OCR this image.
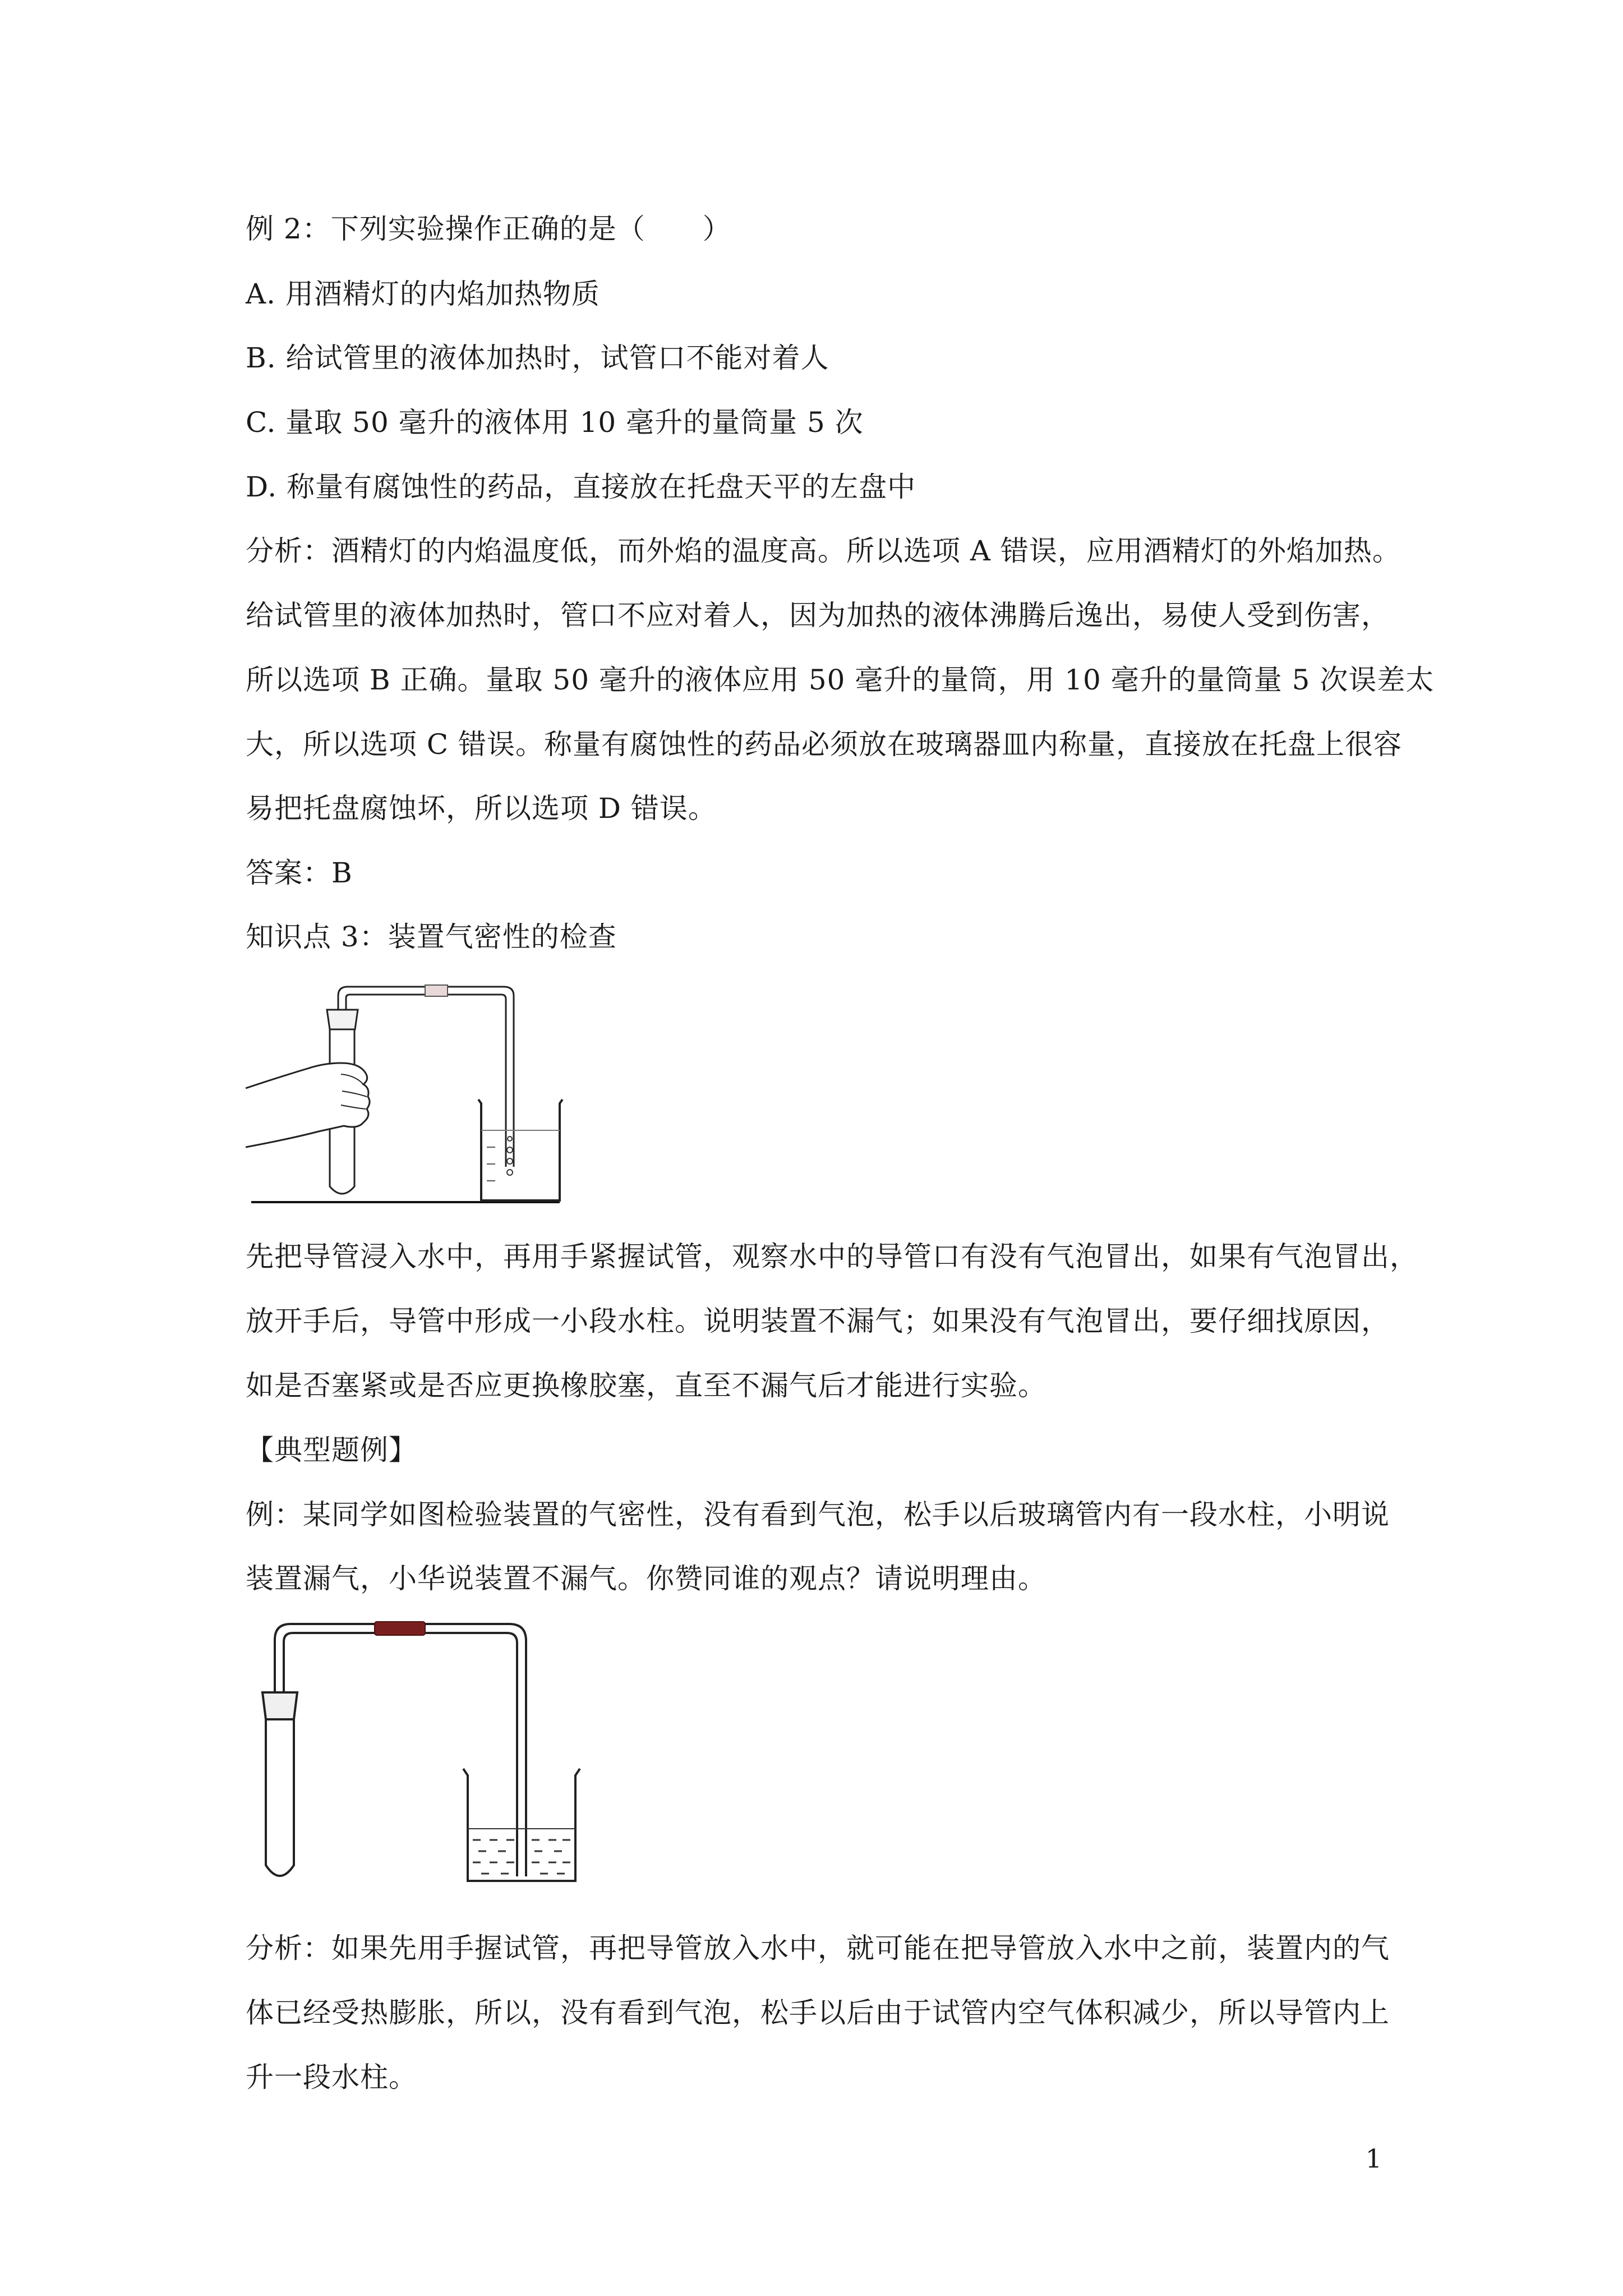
例 2：下列实验操作正确的是（　　）
A. 用酒精灯的内焰加热物质
B. 给试管里的液体加热时，试管口不能对着人
C. 量取 50 毫升的液体用 10 毫升的量筒量 5 次
D. 称量有腐蚀性的药品，直接放在托盘天平的左盘中
分析：酒精灯的内焰温度低，而外焰的温度高。所以选项 A 错误，应用酒精灯的外焰加热。
给试管里的液体加热时，管口不应对着人，因为加热的液体沸腾后逸出，易使人受到伤害，
所以选项 B 正确。量取 50 毫升的液体应用 50 毫升的量筒，用 10 毫升的量筒量 5 次误差太
大，所以选项 C 错误。称量有腐蚀性的药品必须放在玻璃器皿内称量，直接放在托盘上很容
易把托盘腐蚀坏，所以选项 D 错误。
答案：B
知识点 3：装置气密性的检查
先把导管浸入水中，再用手紧握试管，观察水中的导管口有没有气泡冒出，如果有气泡冒出，
放开手后，导管中形成一小段水柱。说明装置不漏气；如果没有气泡冒出，要仔细找原因，
如是否塞紧或是否应更换橡胶塞，直至不漏气后才能进行实验。
【典型题例】
例：某同学如图检验装置的气密性，没有看到气泡，松手以后玻璃管内有一段水柱，小明说
装置漏气，小华说装置不漏气。你赞同谁的观点？请说明理由。
分析：如果先用手握试管，再把导管放入水中，就可能在把导管放入水中之前，装置内的气
体已经受热膨胀，所以，没有看到气泡，松手以后由于试管内空气体积减少，所以导管内上
升一段水柱。
1
